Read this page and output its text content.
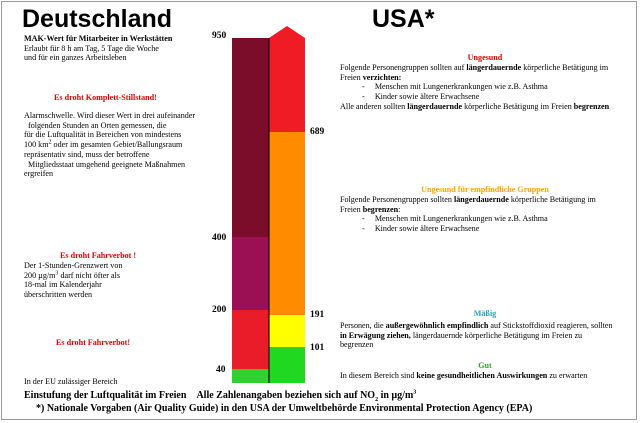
Deutschland	USA*
950
400
200
40
689
191
101
MAK-Wert für Mitarbeiter in Werkstätten
Erlaubt für 8 h am Tag, 5 Tage die Woche
und für ein ganzes Arbeitsleben
Es droht Komplett-Stillstand!
Alarmschwelle. Wird dieser Wert in drei aufeinander
folgenden Stunden an Orten gemessen, die
für die Luftqualität in Bereichen von mindestens
100 $km^2$ oder im gesamten Gebiet/Ballungsraum
repräsentativ sind, muss der betroffene
Mitgliedsstaat umgehend geeignete Maßnahmen
ergreifen
Es droht Fahrverbot !
Der 1-Stunden-Grenzwert von
200 $\mu g/m^3$ darf nicht öfter als
18-mal im Kalenderjahr
überschritten werden
Es droht Fahrverbot!
In der EU zulässiger Bereich
Ungesund
Folgende Personengruppen sollten auf längerdauernde körperliche Betätigung im
Freien verzichten:
-     Menschen mit Lungenerkrankungen wie z.B. Asthma
-     Kinder sowie ältere Erwachsene
Alle anderen sollten längerdauernde körperliche Betätigung im Freien begrenzen
Ungesund für empfindliche Gruppen
Folgende Personengruppen sollten längerdauernde körperliche Betätigung im
Freien begrenzen:
-     Menschen mit Lungenerkrankungen wie z.B. Asthma
-     Kinder sowie ältere Erwachsene
Mäßig
Personen, die außergewöhnlich empfindlich auf Stickstoffdioxid reagieren, sollten
in Erwägung ziehen, längerdauernde körperliche Betätigung im Freien zu
begrenzen
Gut
In diesem Bereich sind keine gesundheitlichen Auswirkungen zu erwarten
Einstufung der Luftqualität im Freien Alle Zahlenangaben beziehen sich auf $NO_2$ in $\mu g/m^3$
*) Nationale Vorgaben (Air Quality Guide) in den USA der Umweltbehörde Environmental Protection Agency (EPA)
